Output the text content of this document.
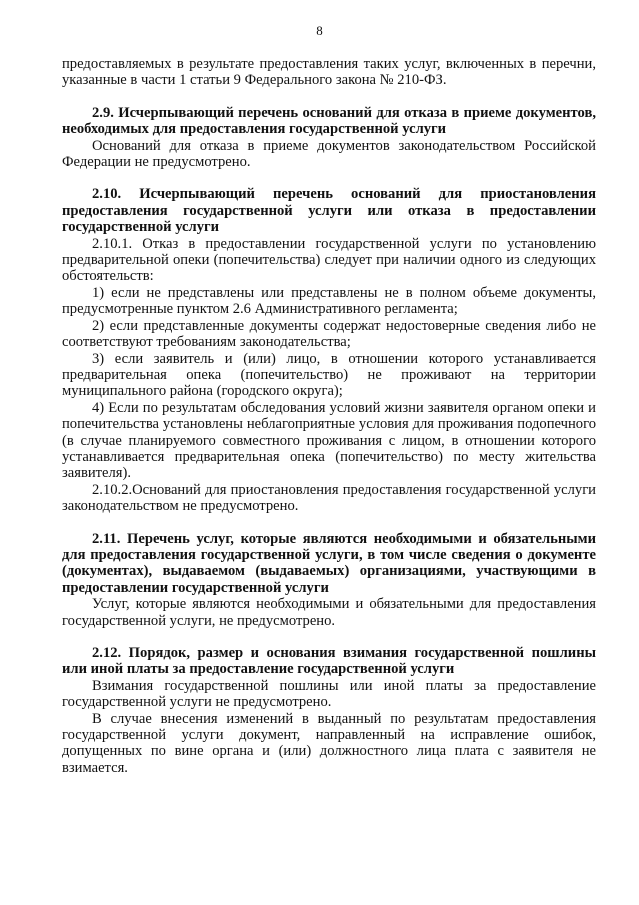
8

предоставляемых в результате предоставления таких услуг, включенных в перечни, указанные в части 1 статьи 9 Федерального закона № 210-ФЗ.

2.9. Исчерпывающий перечень оснований для отказа в приеме документов, необходимых для предоставления государственной услуги

Оснований для отказа в приеме документов законодательством Российской Федерации не предусмотрено.

2.10. Исчерпывающий перечень оснований для приостановления предоставления государственной услуги или отказа в предоставлении государственной услуги

2.10.1. Отказ в предоставлении государственной услуги по установлению предварительной опеки (попечительства) следует при наличии одного из следующих обстоятельств:

1) если не представлены или представлены не в полном объеме документы, предусмотренные пунктом 2.6 Административного регламента;

2) если представленные документы содержат недостоверные сведения либо не соответствуют требованиям законодательства;

3) если заявитель и (или) лицо, в отношении которого устанавливается предварительная опека (попечительство) не проживают на территории муниципального района (городского округа);

4) Если по результатам обследования условий жизни заявителя органом опеки и попечительства установлены неблагоприятные условия для проживания подопечного (в случае планируемого совместного проживания с лицом, в отношении которого устанавливается предварительная опека (попечительство) по месту жительства заявителя).

2.10.2.Оснований для приостановления предоставления государственной услуги законодательством не предусмотрено.

2.11. Перечень услуг, которые являются необходимыми и обязательными для предоставления государственной услуги, в том числе сведения о документе (документах), выдаваемом (выдаваемых) организациями, участвующими в предоставлении государственной услуги

Услуг, которые являются необходимыми и обязательными для предоставления государственной услуги, не предусмотрено.

2.12. Порядок, размер и основания взимания государственной пошлины или иной платы за предоставление государственной услуги

Взимания государственной пошлины или иной платы за предоставление государственной услуги не предусмотрено.

В случае внесения изменений в выданный по результатам предоставления государственной услуги документ, направленный на исправление ошибок, допущенных по вине органа и (или) должностного лица плата с заявителя не взимается.
